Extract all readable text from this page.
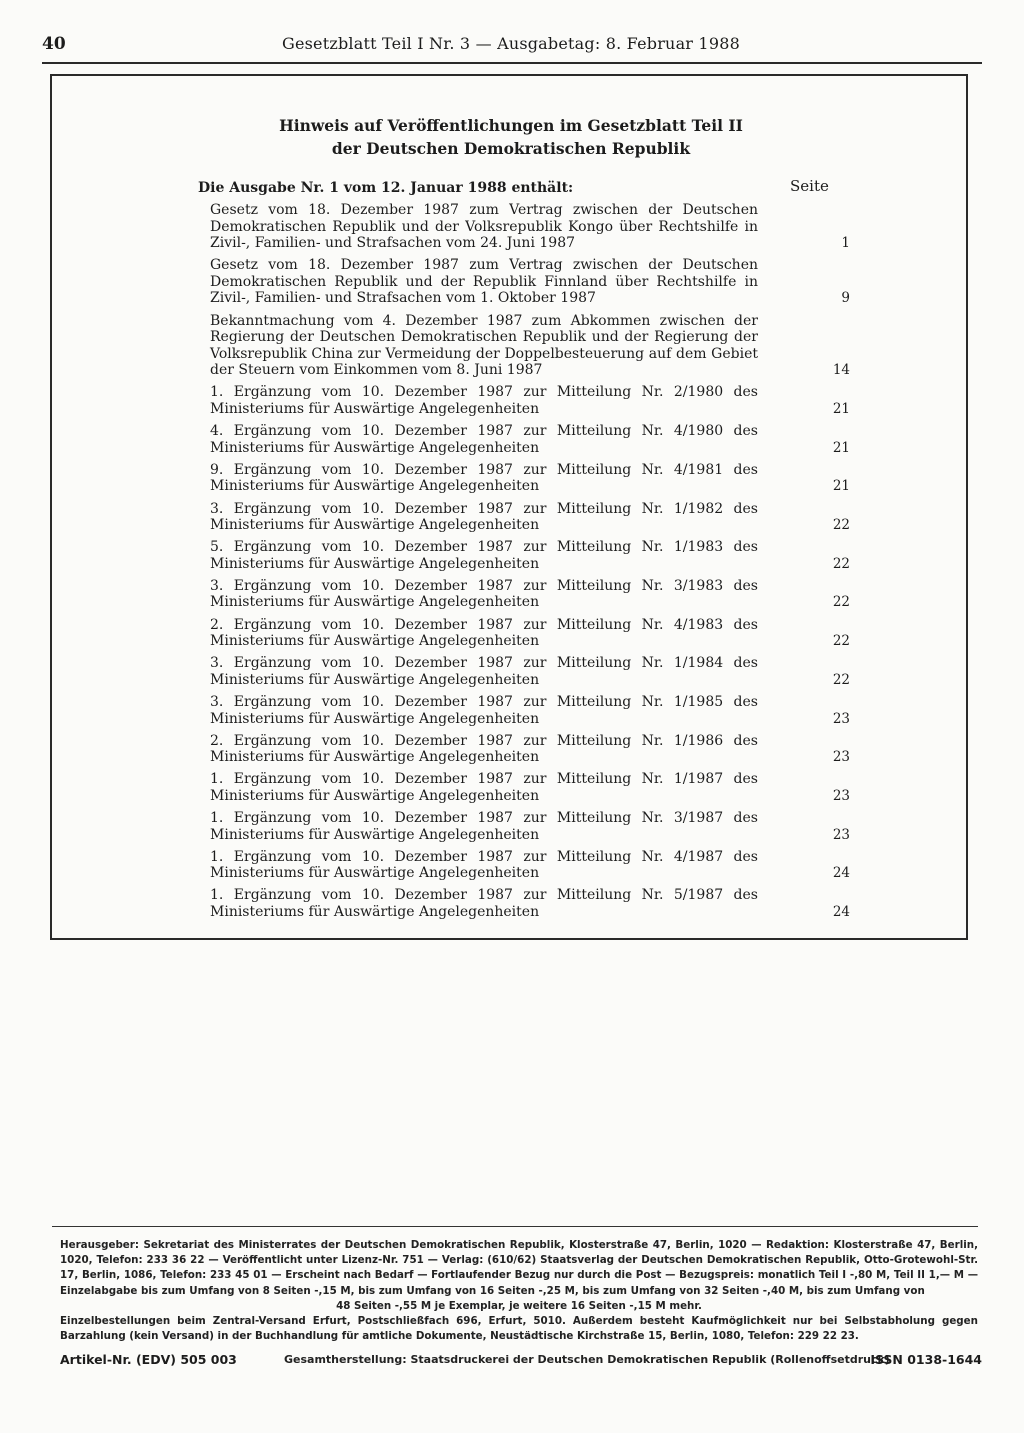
40	Gesetzblatt Teil I Nr. 3 — Ausgabetag: 8. Februar 1988
Hinweis auf Veröffentlichungen im Gesetzblatt Teil II
der Deutschen Demokratischen Republik
Die Ausgabe Nr. 1 vom 12. Januar 1988 enthält:	Seite
Gesetz vom 18. Dezember 1987 zum Vertrag zwischen der Deutschen Demokratischen Republik und der Volksrepublik Kongo über Rechtshilfe in Zivil-, Familien- und Strafsachen vom 24. Juni 1987	1
Gesetz vom 18. Dezember 1987 zum Vertrag zwischen der Deutschen Demokratischen Republik und der Republik Finnland über Rechtshilfe in Zivil-, Familien- und Strafsachen vom 1. Oktober 1987	9
Bekanntmachung vom 4. Dezember 1987 zum Abkommen zwischen der Regierung der Deutschen Demokratischen Republik und der Regierung der Volksrepublik China zur Vermeidung der Doppelbesteuerung auf dem Gebiet der Steuern vom Einkommen vom 8. Juni 1987	14
1. Ergänzung vom 10. Dezember 1987 zur Mitteilung Nr. 2/1980 des Ministeriums für Auswärtige Angelegenheiten	21
4. Ergänzung vom 10. Dezember 1987 zur Mitteilung Nr. 4/1980 des Ministeriums für Auswärtige Angelegenheiten	21
9. Ergänzung vom 10. Dezember 1987 zur Mitteilung Nr. 4/1981 des Ministeriums für Auswärtige Angelegenheiten	21
3. Ergänzung vom 10. Dezember 1987 zur Mitteilung Nr. 1/1982 des Ministeriums für Auswärtige Angelegenheiten	22
5. Ergänzung vom 10. Dezember 1987 zur Mitteilung Nr. 1/1983 des Ministeriums für Auswärtige Angelegenheiten	22
3. Ergänzung vom 10. Dezember 1987 zur Mitteilung Nr. 3/1983 des Ministeriums für Auswärtige Angelegenheiten	22
2. Ergänzung vom 10. Dezember 1987 zur Mitteilung Nr. 4/1983 des Ministeriums für Auswärtige Angelegenheiten	22
3. Ergänzung vom 10. Dezember 1987 zur Mitteilung Nr. 1/1984 des Ministeriums für Auswärtige Angelegenheiten	22
3. Ergänzung vom 10. Dezember 1987 zur Mitteilung Nr. 1/1985 des Ministeriums für Auswärtige Angelegenheiten	23
2. Ergänzung vom 10. Dezember 1987 zur Mitteilung Nr. 1/1986 des Ministeriums für Auswärtige Angelegenheiten	23
1. Ergänzung vom 10. Dezember 1987 zur Mitteilung Nr. 1/1987 des Ministeriums für Auswärtige Angelegenheiten	23
1. Ergänzung vom 10. Dezember 1987 zur Mitteilung Nr. 3/1987 des Ministeriums für Auswärtige Angelegenheiten	23
1. Ergänzung vom 10. Dezember 1987 zur Mitteilung Nr. 4/1987 des Ministeriums für Auswärtige Angelegenheiten	24
1. Ergänzung vom 10. Dezember 1987 zur Mitteilung Nr. 5/1987 des Ministeriums für Auswärtige Angelegenheiten	24

Herausgeber: Sekretariat des Ministerrates der Deutschen Demokratischen Republik, Klosterstraße 47, Berlin, 1020 — Redaktion: Klosterstraße 47, Berlin, 1020, Telefon: 233 36 22 — Veröffentlicht unter Lizenz-Nr. 751 — Verlag: (610/62) Staatsverlag der Deutschen Demokratischen Republik, Otto-Grotewohl-Str. 17, Berlin, 1086, Telefon: 233 45 01 — Erscheint nach Bedarf — Fortlaufender Bezug nur durch die Post — Bezugspreis: monatlich Teil I -,80 M, Teil II 1,— M — Einzelabgabe bis zum Umfang von 8 Seiten -,15 M, bis zum Umfang von 16 Seiten -,25 M, bis zum Umfang von 32 Seiten -,40 M, bis zum Umfang von

48 Seiten -,55 M je Exemplar, je weitere 16 Seiten -,15 M mehr.

Einzelbestellungen beim Zentral-Versand Erfurt, Postschließfach 696, Erfurt, 5010. Außerdem besteht Kaufmöglichkeit nur bei Selbstabholung gegen Barzahlung (kein Versand) in der Buchhandlung für amtliche Dokumente, Neustädtische Kirchstraße 15, Berlin, 1080, Telefon: 229 22 23.

Artikel-Nr. (EDV) 505 003	Gesamtherstellung: Staatsdruckerei der Deutschen Demokratischen Republik (Rollenoffsetdruck)
ISSN 0138-1644
